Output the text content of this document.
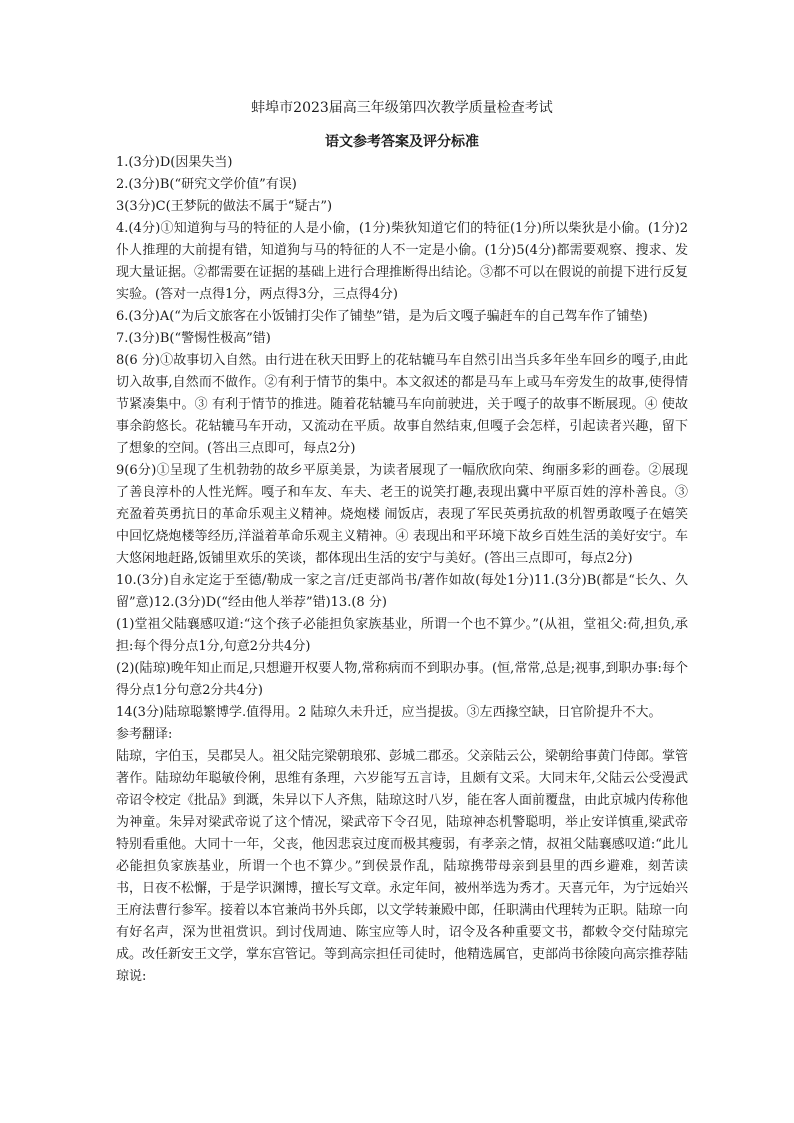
蚌埠市2023届高三年级第四次教学质量检查考试
语文参考答案及评分标准

1.(3分)D(因果失当)

2.(3分)B(“研究文学价值”有误)

3(3分)C(王梦阮的做法不属于“疑古”)

4.(4分)①知道狗与马的特征的人是小偷，(1分)柴狄知道它们的特征(1分)所以柴狄是小偷。(1分)2仆人推理的大前提有错，知道狗与马的特征的人不一定是小偷。(1分)5(4分)都需要观察、搜求、发现大量证据。②都需要在证据的基础上进行合理推断得出结论。③都不可以在假说的前提下进行反复实验。(答对一点得1分，两点得3分，三点得4分)

6.(3分)A(“为后文旅客在小饭铺打尖作了铺垫”错，是为后文嘎子骗赶车的自己驾车作了铺垫)

7.(3分)B(“警惕性极高”错)

8(6 分)①故事切入自然。由行进在秋天田野上的花轱辘马车自然引出当兵多年坐车回乡的嘎子,由此切入故事,自然而不做作。②有利于情节的集中。本文叙述的都是马车上或马车旁发生的故事,使得情节紧凑集中。③ 有利于情节的推进。随着花轱辘马车向前驶进，关于嘎子的故事不断展现。④ 使故事余韵悠长。花轱辘马车开动，又流动在平质。故事自然结束,但嘎子会怎样，引起读者兴趣，留下了想象的空间。(答出三点即可，每点2分)

9(6分)①呈现了生机勃勃的故乡平原美景，为读者展现了一幅欣欣向荣、绚丽多彩的画卷。②展现了善良淳朴的人性光辉。嘎子和车友、车夫、老王的说笑打趣,表现出冀中平原百姓的淳朴善良。③充盈着英勇抗日的革命乐观主义精神。烧炮楼 闹饭店，表现了军民英勇抗敌的机智勇敢嘎子在嬉笑中回忆烧炮楼等经历,洋溢着革命乐观主义精神。④ 表现出和平环境下故乡百姓生活的美好安宁。车大悠闲地赶路,饭铺里欢乐的笑谈，都体现出生活的安宁与美好。(答出三点即可，每点2分)

10.(3分)自永定迄于至德/勒成一家之言/迁吏部尚书/著作如故(每处1分)11.(3分)B(都是“长久、久留”意)12.(3分)D(“经由他人举荐”错)13.(8 分)

(1)堂祖父陆襄感叹道:“这个孩子必能担负家族基业，所谓一个也不算少。”(从祖，堂祖父:荷,担负,承担:每个得分点1分,句意2分共4分)

(2)(陆琼)晚年知止而足,只想避开权要人物,常称病而不到职办事。(恒,常常,总是;视事,到职办事:每个得分点1分句意2分共4分)

14(3分)陆琼聪繁博学.值得用。2 陆琼久未升迁，应当提拔。③左西掾空缺，日官阶提升不大。

参考翻译:

陆琼，字伯玉，吴郡吴人。祖父陆完梁朝琅邪、彭城二郡丞。父亲陆云公，梁朝给事黄门侍郎。掌管著作。陆琼幼年聪敏伶俐，思维有条理，六岁能写五言诗，且颇有文采。大同末年,父陆云公受漫武帝诏令校定《批品》到溉，朱异以下人齐焦，陆琼这时八岁，能在客人面前覆盘，由此京城内传称他为神童。朱异对梁武帝说了这个情况，梁武帝下令召见，陆琼神态机警聪明，举止安详慎重,梁武帝特别看重他。大同十一年，父丧，他因悲哀过度而极其瘦弱，有孝亲之情，叔祖父陆襄感叹道:“此儿必能担负家族基业，所谓一个也不算少。”到侯景作乱，陆琼携带母亲到县里的西乡避难，刻苦读书，日夜不松懈，于是学识渊博，擅长写文章。永定年间，被州举选为秀才。天喜元年，为宁远始兴王府法曹行参军。接着以本官兼尚书外兵郎，以文学转兼殿中郎，任职满由代理转为正职。陆琼一向有好名声，深为世祖赏识。到讨伐周迪、陈宝应等人时，诏令及各种重要文书，都敕令交付陆琼完成。改任新安王文学，掌东宫管记。等到高宗担任司徒时，他精选属官，吏部尚书徐陵向高宗推荐陆琼说:
